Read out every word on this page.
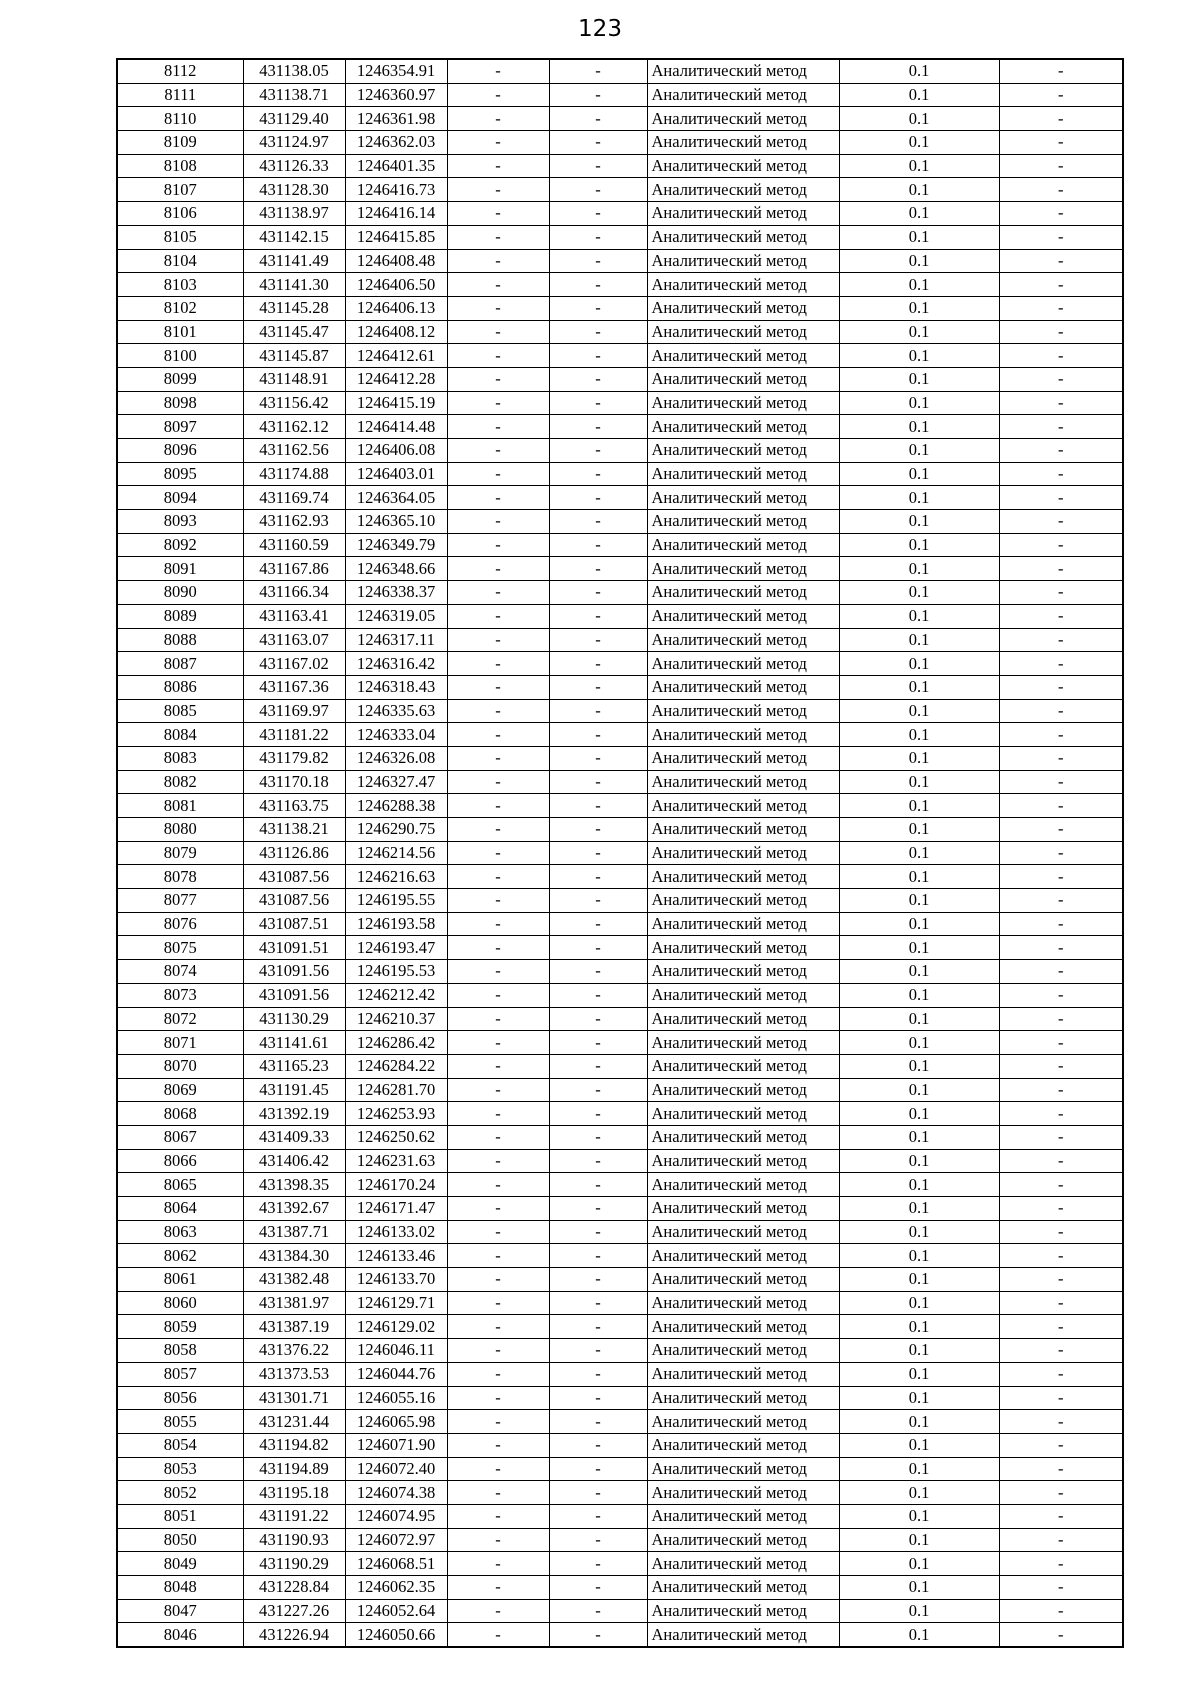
123
8112	431138.05	1246354.91	-	-	Аналитический метод	0.1	-
8111	431138.71	1246360.97	-	-	Аналитический метод	0.1	-
8110	431129.40	1246361.98	-	-	Аналитический метод	0.1	-
8109	431124.97	1246362.03	-	-	Аналитический метод	0.1	-
8108	431126.33	1246401.35	-	-	Аналитический метод	0.1	-
8107	431128.30	1246416.73	-	-	Аналитический метод	0.1	-
8106	431138.97	1246416.14	-	-	Аналитический метод	0.1	-
8105	431142.15	1246415.85	-	-	Аналитический метод	0.1	-
8104	431141.49	1246408.48	-	-	Аналитический метод	0.1	-
8103	431141.30	1246406.50	-	-	Аналитический метод	0.1	-
8102	431145.28	1246406.13	-	-	Аналитический метод	0.1	-
8101	431145.47	1246408.12	-	-	Аналитический метод	0.1	-
8100	431145.87	1246412.61	-	-	Аналитический метод	0.1	-
8099	431148.91	1246412.28	-	-	Аналитический метод	0.1	-
8098	431156.42	1246415.19	-	-	Аналитический метод	0.1	-
8097	431162.12	1246414.48	-	-	Аналитический метод	0.1	-
8096	431162.56	1246406.08	-	-	Аналитический метод	0.1	-
8095	431174.88	1246403.01	-	-	Аналитический метод	0.1	-
8094	431169.74	1246364.05	-	-	Аналитический метод	0.1	-
8093	431162.93	1246365.10	-	-	Аналитический метод	0.1	-
8092	431160.59	1246349.79	-	-	Аналитический метод	0.1	-
8091	431167.86	1246348.66	-	-	Аналитический метод	0.1	-
8090	431166.34	1246338.37	-	-	Аналитический метод	0.1	-
8089	431163.41	1246319.05	-	-	Аналитический метод	0.1	-
8088	431163.07	1246317.11	-	-	Аналитический метод	0.1	-
8087	431167.02	1246316.42	-	-	Аналитический метод	0.1	-
8086	431167.36	1246318.43	-	-	Аналитический метод	0.1	-
8085	431169.97	1246335.63	-	-	Аналитический метод	0.1	-
8084	431181.22	1246333.04	-	-	Аналитический метод	0.1	-
8083	431179.82	1246326.08	-	-	Аналитический метод	0.1	-
8082	431170.18	1246327.47	-	-	Аналитический метод	0.1	-
8081	431163.75	1246288.38	-	-	Аналитический метод	0.1	-
8080	431138.21	1246290.75	-	-	Аналитический метод	0.1	-
8079	431126.86	1246214.56	-	-	Аналитический метод	0.1	-
8078	431087.56	1246216.63	-	-	Аналитический метод	0.1	-
8077	431087.56	1246195.55	-	-	Аналитический метод	0.1	-
8076	431087.51	1246193.58	-	-	Аналитический метод	0.1	-
8075	431091.51	1246193.47	-	-	Аналитический метод	0.1	-
8074	431091.56	1246195.53	-	-	Аналитический метод	0.1	-
8073	431091.56	1246212.42	-	-	Аналитический метод	0.1	-
8072	431130.29	1246210.37	-	-	Аналитический метод	0.1	-
8071	431141.61	1246286.42	-	-	Аналитический метод	0.1	-
8070	431165.23	1246284.22	-	-	Аналитический метод	0.1	-
8069	431191.45	1246281.70	-	-	Аналитический метод	0.1	-
8068	431392.19	1246253.93	-	-	Аналитический метод	0.1	-
8067	431409.33	1246250.62	-	-	Аналитический метод	0.1	-
8066	431406.42	1246231.63	-	-	Аналитический метод	0.1	-
8065	431398.35	1246170.24	-	-	Аналитический метод	0.1	-
8064	431392.67	1246171.47	-	-	Аналитический метод	0.1	-
8063	431387.71	1246133.02	-	-	Аналитический метод	0.1	-
8062	431384.30	1246133.46	-	-	Аналитический метод	0.1	-
8061	431382.48	1246133.70	-	-	Аналитический метод	0.1	-
8060	431381.97	1246129.71	-	-	Аналитический метод	0.1	-
8059	431387.19	1246129.02	-	-	Аналитический метод	0.1	-
8058	431376.22	1246046.11	-	-	Аналитический метод	0.1	-
8057	431373.53	1246044.76	-	-	Аналитический метод	0.1	-
8056	431301.71	1246055.16	-	-	Аналитический метод	0.1	-
8055	431231.44	1246065.98	-	-	Аналитический метод	0.1	-
8054	431194.82	1246071.90	-	-	Аналитический метод	0.1	-
8053	431194.89	1246072.40	-	-	Аналитический метод	0.1	-
8052	431195.18	1246074.38	-	-	Аналитический метод	0.1	-
8051	431191.22	1246074.95	-	-	Аналитический метод	0.1	-
8050	431190.93	1246072.97	-	-	Аналитический метод	0.1	-
8049	431190.29	1246068.51	-	-	Аналитический метод	0.1	-
8048	431228.84	1246062.35	-	-	Аналитический метод	0.1	-
8047	431227.26	1246052.64	-	-	Аналитический метод	0.1	-
8046	431226.94	1246050.66	-	-	Аналитический метод	0.1	-
